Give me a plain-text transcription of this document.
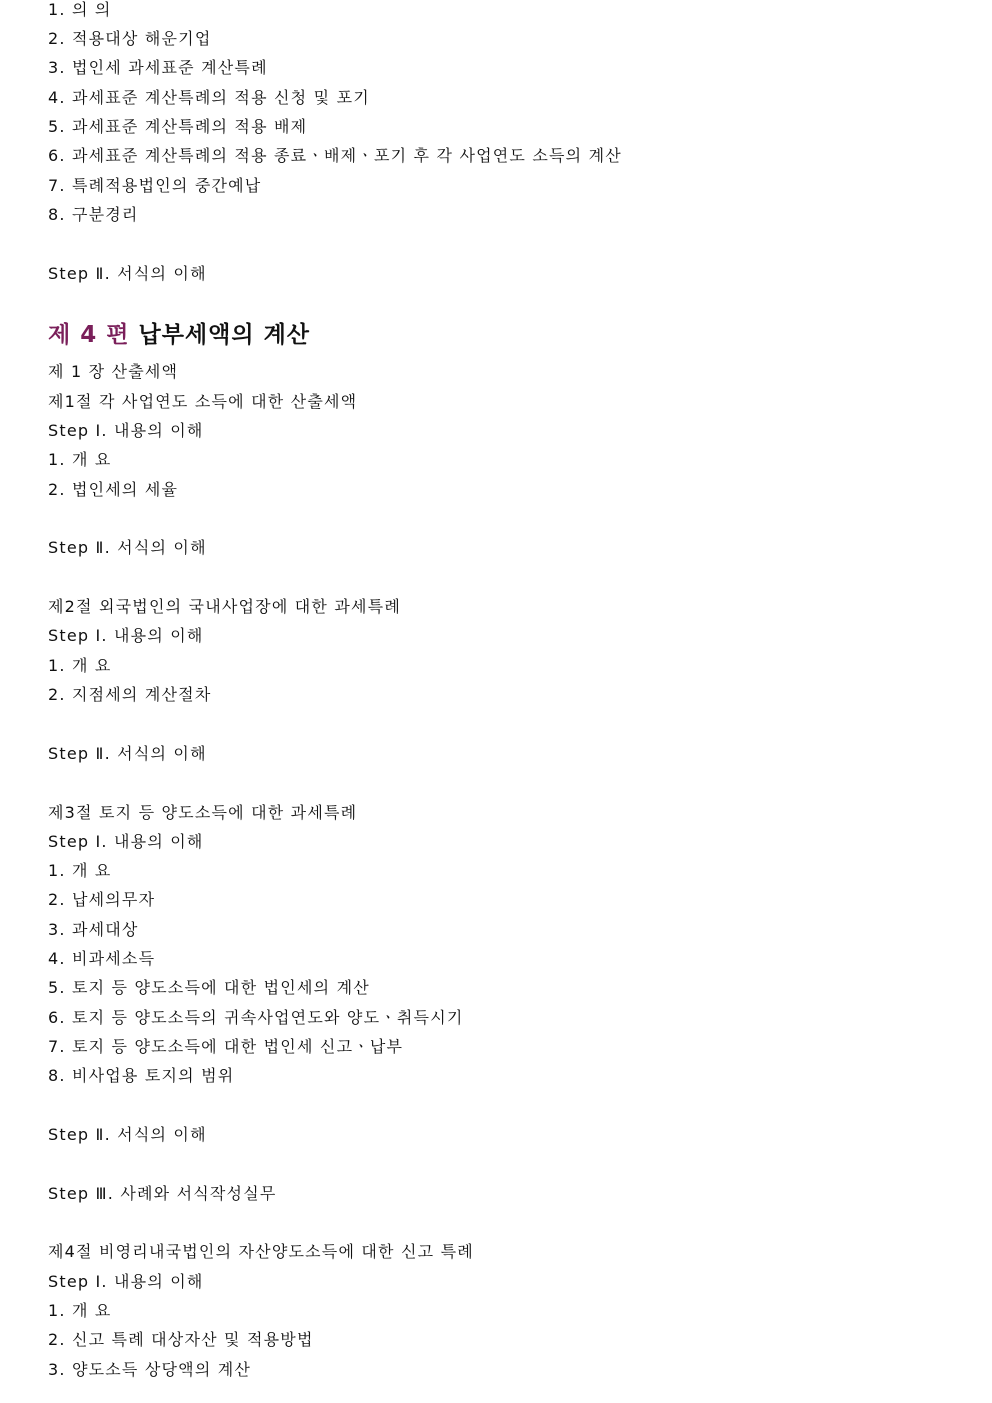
1. 의 의
2. 적용대상 해운기업
3. 법인세 과세표준 계산특례
4. 과세표준 계산특례의 적용 신청 및 포기
5. 과세표준 계산특례의 적용 배제
6. 과세표준 계산특례의 적용 종료ㆍ배제ㆍ포기 후 각 사업연도 소득의 계산
7. 특례적용법인의 중간예납
8. 구분경리
Step Ⅱ. 서식의 이해
제 4 편 납부세액의 계산
제 1 장 산출세액
제1절 각 사업연도 소득에 대한 산출세액
Step Ⅰ. 내용의 이해
1. 개 요
2. 법인세의 세율
Step Ⅱ. 서식의 이해
제2절 외국법인의 국내사업장에 대한 과세특례
Step Ⅰ. 내용의 이해
1. 개 요
2. 지점세의 계산절차
Step Ⅱ. 서식의 이해
제3절 토지 등 양도소득에 대한 과세특례
Step Ⅰ. 내용의 이해
1. 개 요
2. 납세의무자
3. 과세대상
4. 비과세소득
5. 토지 등 양도소득에 대한 법인세의 계산
6. 토지 등 양도소득의 귀속사업연도와 양도ㆍ취득시기
7. 토지 등 양도소득에 대한 법인세 신고ㆍ납부
8. 비사업용 토지의 범위
Step Ⅱ. 서식의 이해
Step Ⅲ. 사례와 서식작성실무
제4절 비영리내국법인의 자산양도소득에 대한 신고 특례
Step Ⅰ. 내용의 이해
1. 개 요
2. 신고 특례 대상자산 및 적용방법
3. 양도소득 상당액의 계산
